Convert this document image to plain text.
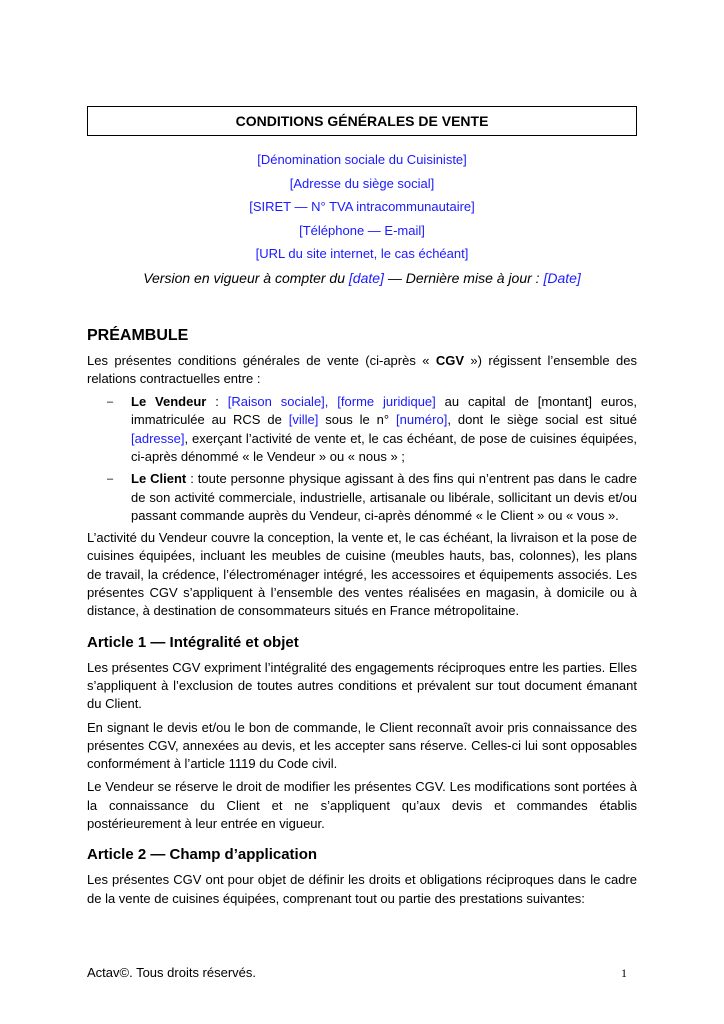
CONDITIONS GÉNÉRALES DE VENTE
[Dénomination sociale du Cuisiniste]
[Adresse du siège social]
[SIRET — N° TVA intracommunautaire]
[Téléphone — E-mail]
[URL du site internet, le cas échéant]
Version en vigueur à compter du [date] — Dernière mise à jour : [Date]
PRÉAMBULE

Les présentes conditions générales de vente (ci-après « CGV ») régissent l’ensemble des relations contractuelles entre :

– Le Vendeur : [Raison sociale], [forme juridique] au capital de [montant] euros, immatriculée au RCS de [ville] sous le n° [numéro], dont le siège social est situé [adresse], exerçant l’activité de vente et, le cas échéant, de pose de cuisines équipées, ci-après dénommé « le Vendeur » ou « nous » ;
– Le Client : toute personne physique agissant à des fins qui n’entrent pas dans le cadre de son activité commerciale, industrielle, artisanale ou libérale, sollicitant un devis et/ou passant commande auprès du Vendeur, ci-après dénommé « le Client » ou « vous ».

L’activité du Vendeur couvre la conception, la vente et, le cas échéant, la livraison et la pose de cuisines équipées, incluant les meubles de cuisine (meubles hauts, bas, colonnes), les plans de travail, la crédence, l’électroménager intégré, les accessoires et équipements associés. Les présentes CGV s’appliquent à l’ensemble des ventes réalisées en magasin, à domicile ou à distance, à destination de consommateurs situés en France métropolitaine.

Article 1 — Intégralité et objet

Les présentes CGV expriment l’intégralité des engagements réciproques entre les parties. Elles s’appliquent à l’exclusion de toutes autres conditions et prévalent sur tout document émanant du Client.

En signant le devis et/ou le bon de commande, le Client reconnaît avoir pris connaissance des présentes CGV, annexées au devis, et les accepter sans réserve. Celles-ci lui sont opposables conformément à l’article 1119 du Code civil.

Le Vendeur se réserve le droit de modifier les présentes CGV. Les modifications sont portées à la connaissance du Client et ne s’appliquent qu’aux devis et commandes établis postérieurement à leur entrée en vigueur.

Article 2 — Champ d’application

Les présentes CGV ont pour objet de définir les droits et obligations réciproques dans le cadre de la vente de cuisines équipées, comprenant tout ou partie des prestations suivantes:

Actav©. Tous droits réservés.	1
